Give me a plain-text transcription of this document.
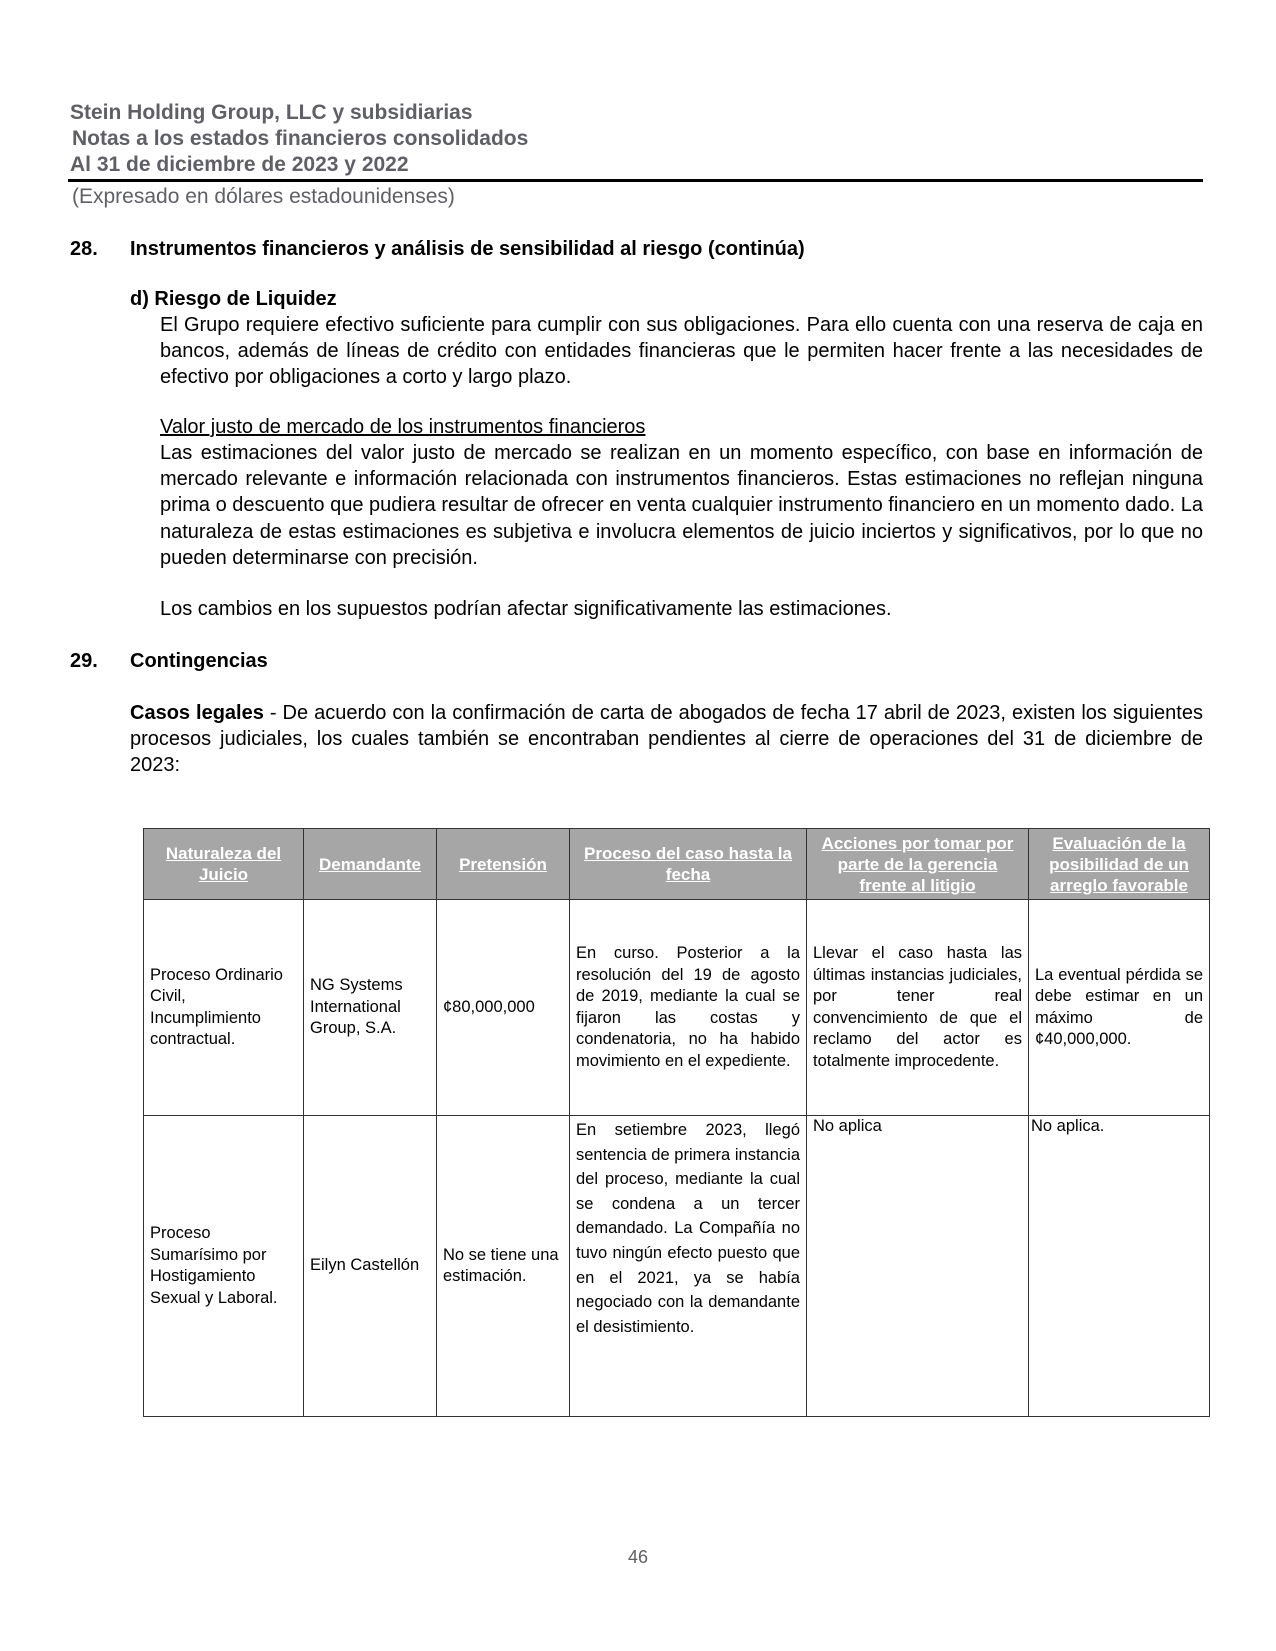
Stein Holding Group, LLC y subsidiarias
Notas a los estados financieros consolidados
Al 31 de diciembre de 2023 y 2022
(Expresado en dólares estadounidenses)
28. Instrumentos financieros y análisis de sensibilidad al riesgo (continúa)
d) Riesgo de Liquidez
El Grupo requiere efectivo suficiente para cumplir con sus obligaciones. Para ello cuenta con una reserva de caja en bancos, además de líneas de crédito con entidades financieras que le permiten hacer frente a las necesidades de efectivo por obligaciones a corto y largo plazo.
Valor justo de mercado de los instrumentos financieros
Las estimaciones del valor justo de mercado se realizan en un momento específico, con base en información de mercado relevante e información relacionada con instrumentos financieros. Estas estimaciones no reflejan ninguna prima o descuento que pudiera resultar de ofrecer en venta cualquier instrumento financiero en un momento dado. La naturaleza de estas estimaciones es subjetiva e involucra elementos de juicio inciertos y significativos, por lo que no pueden determinarse con precisión.
Los cambios en los supuestos podrían afectar significativamente las estimaciones.
29. Contingencias
Casos legales - De acuerdo con la confirmación de carta de abogados de fecha 17 abril de 2023, existen los siguientes procesos judiciales, los cuales también se encontraban pendientes al cierre de operaciones del 31 de diciembre de 2023:
Naturaleza del Juicio	Demandante	Pretensión	Proceso del caso hasta la fecha	Acciones por tomar por parte de la gerencia frente al litigio	Evaluación de la posibilidad de un arreglo favorable
Proceso Ordinario Civil, Incumplimiento contractual.	NG Systems International Group, S.A.	¢80,000,000	En curso. Posterior a la resolución del 19 de agosto de 2019, mediante la cual se fijaron las costas y condenatoria, no ha habido movimiento en el expediente.	Llevar el caso hasta las últimas instancias judiciales, por tener real convencimiento de que el reclamo del actor es totalmente improcedente.	La eventual pérdida se debe estimar en un máximo de ¢40,000,000.
Proceso Sumarísimo por Hostigamiento Sexual y Laboral.	Eilyn Castellón	No se tiene una estimación.	En setiembre 2023, llegó sentencia de primera instancia del proceso, mediante la cual se condena a un tercer demandado. La Compañía no tuvo ningún efecto puesto que en el 2021, ya se había negociado con la demandante el desistimiento.	No aplica	No aplica.
46
